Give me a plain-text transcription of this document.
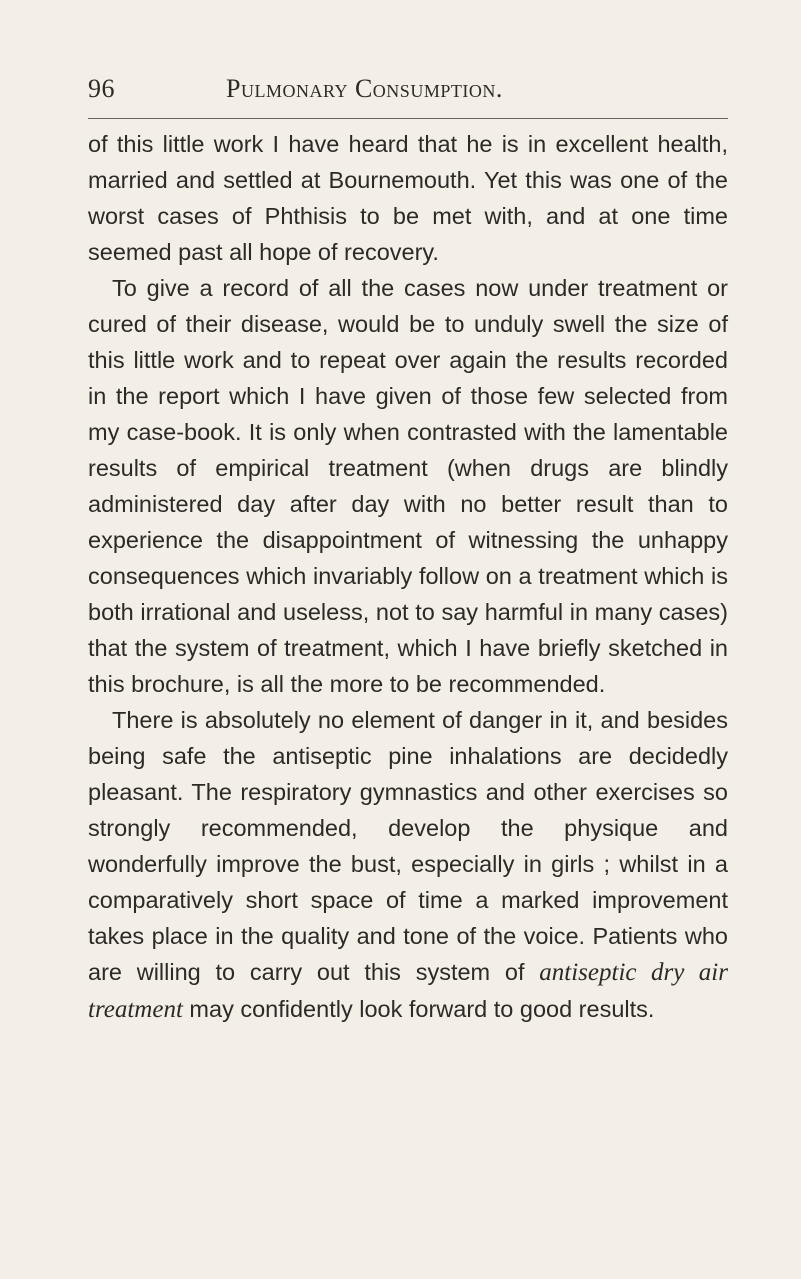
96	Pulmonary Consumption.

of this little work I have heard that he is in excellent health, married and settled at Bournemouth. Yet this was one of the worst cases of Phthisis to be met with, and at one time seemed past all hope of recovery.

To give a record of all the cases now under treatment or cured of their disease, would be to unduly swell the size of this little work and to repeat over again the results recorded in the report which I have given of those few selected from my case-book. It is only when contrasted with the lamentable results of empirical treatment (when drugs are blindly administered day after day with no better result than to experience the disappointment of witnessing the unhappy consequences which invariably follow on a treatment which is both irrational and useless, not to say harmful in many cases) that the system of treatment, which I have briefly sketched in this brochure, is all the more to be recommended.

There is absolutely no element of danger in it, and besides being safe the antiseptic pine inhalations are decidedly pleasant. The respiratory gymnastics and other exercises so strongly recommended, develop the physique and wonderfully improve the bust, especially in girls ; whilst in a comparatively short space of time a marked improvement takes place in the quality and tone of the voice. Patients who are willing to carry out this system of antiseptic dry air treatment may confidently look forward to good results.
